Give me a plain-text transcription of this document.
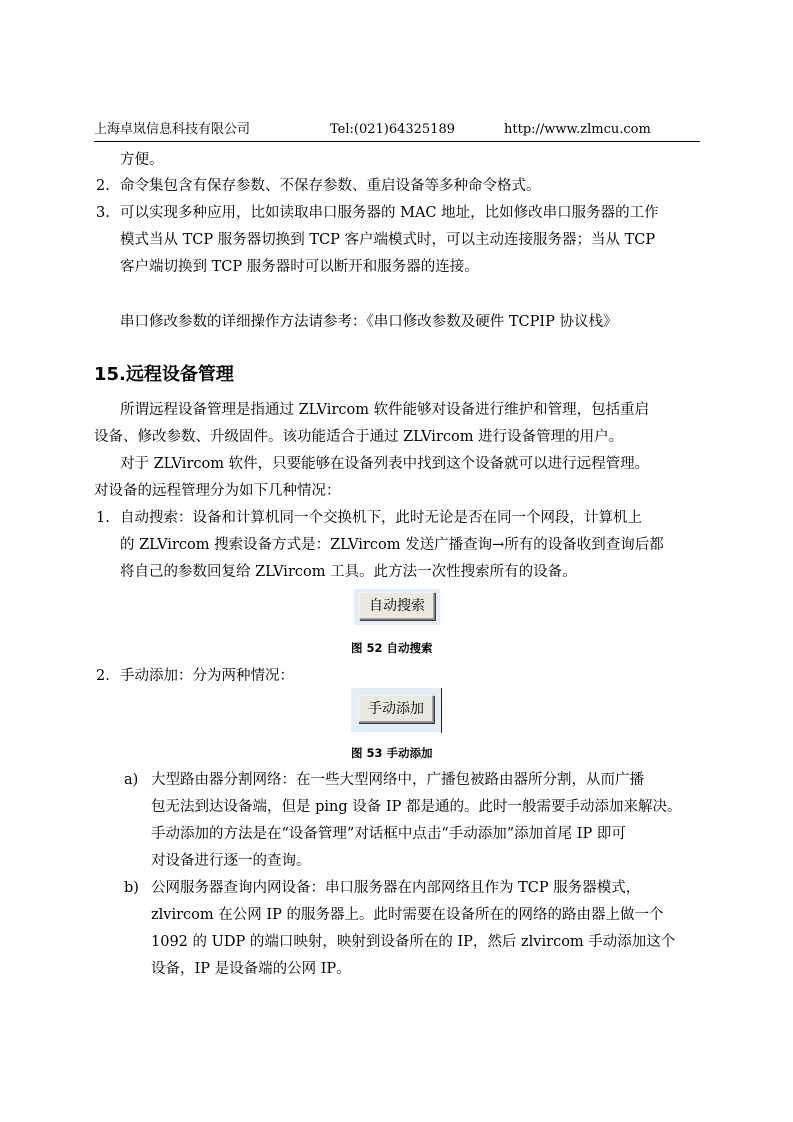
上海卓岚信息科技有限公司	Tel:(021)64325189	http://www.zlmcu.com
方便。
2. 命令集包含有保存参数、不保存参数、重启设备等多种命令格式。
3. 可以实现多种应用，比如读取串口服务器的 MAC 地址，比如修改串口服务器的工作
模式当从 TCP 服务器切换到 TCP 客户端模式时，可以主动连接服务器；当从 TCP
客户端切换到 TCP 服务器时可以断开和服务器的连接。
串口修改参数的详细操作方法请参考：《串口修改参数及硬件 TCPIP 协议栈》
15.远程设备管理
所谓远程设备管理是指通过 ZLVircom 软件能够对设备进行维护和管理，包括重启
设备、修改参数、升级固件。该功能适合于通过 ZLVircom 进行设备管理的用户。
对于 ZLVircom 软件，只要能够在设备列表中找到这个设备就可以进行远程管理。
对设备的远程管理分为如下几种情况：
1. 自动搜索：设备和计算机同一个交换机下，此时无论是否在同一个网段，计算机上
的 ZLVircom 搜索设备方式是：ZLVircom 发送广播查询→所有的设备收到查询后都
将自己的参数回复给 ZLVircom 工具。此方法一次性搜索所有的设备。
自动搜索
图 52 自动搜索
2. 手动添加：分为两种情况：
手动添加
图 53 手动添加
a) 大型路由器分割网络：在一些大型网络中，广播包被路由器所分割，从而广播
包无法到达设备端，但是 ping 设备 IP 都是通的。此时一般需要手动添加来解决。
手动添加的方法是在“设备管理”对话框中点击“手动添加”添加首尾 IP 即可
对设备进行逐一的查询。
b) 公网服务器查询内网设备：串口服务器在内部网络且作为 TCP 服务器模式，
zlvircom 在公网 IP 的服务器上。此时需要在设备所在的网络的路由器上做一个
1092 的 UDP 的端口映射，映射到设备所在的 IP，然后 zlvircom 手动添加这个
设备，IP 是设备端的公网 IP。
